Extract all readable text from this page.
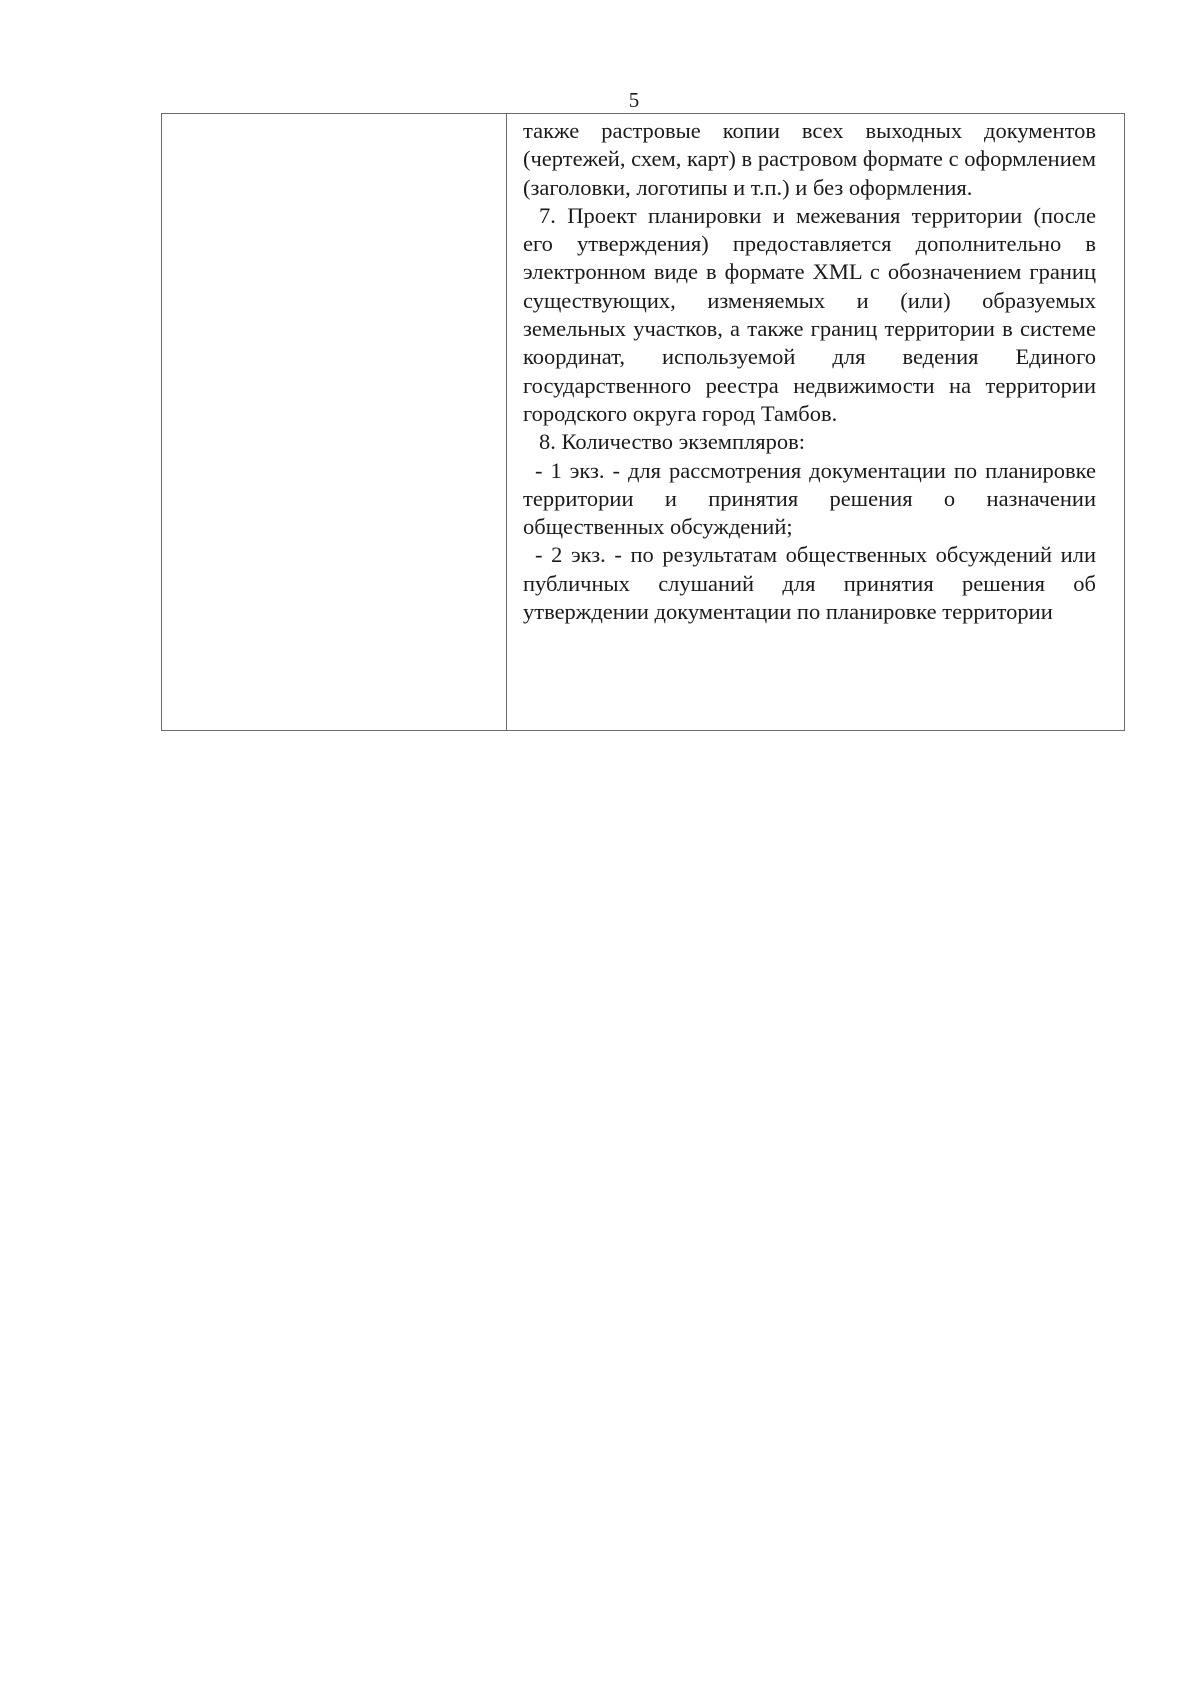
5

также растровые копии всех выходных документов (чертежей, схем, карт) в растровом формате с оформлением (заголовки, логотипы и т.п.) и без оформления.

7. Проект планировки и межевания территории (после его утверждения) предоставляется дополнительно в электронном виде в формате XML с обозначением границ существующих, изменяемых и (или) образуемых земельных участков, а также границ территории в системе координат, используемой для ведения Единого государственного реестра недвижимости на территории городского округа город Тамбов.

8. Количество экземпляров:

- 1 экз. - для рассмотрения документации по планировке территории и принятия решения о назначении общественных обсуждений;

- 2 экз. - по результатам общественных обсуждений или публичных слушаний для принятия решения об утверждении документации по планировке территории
